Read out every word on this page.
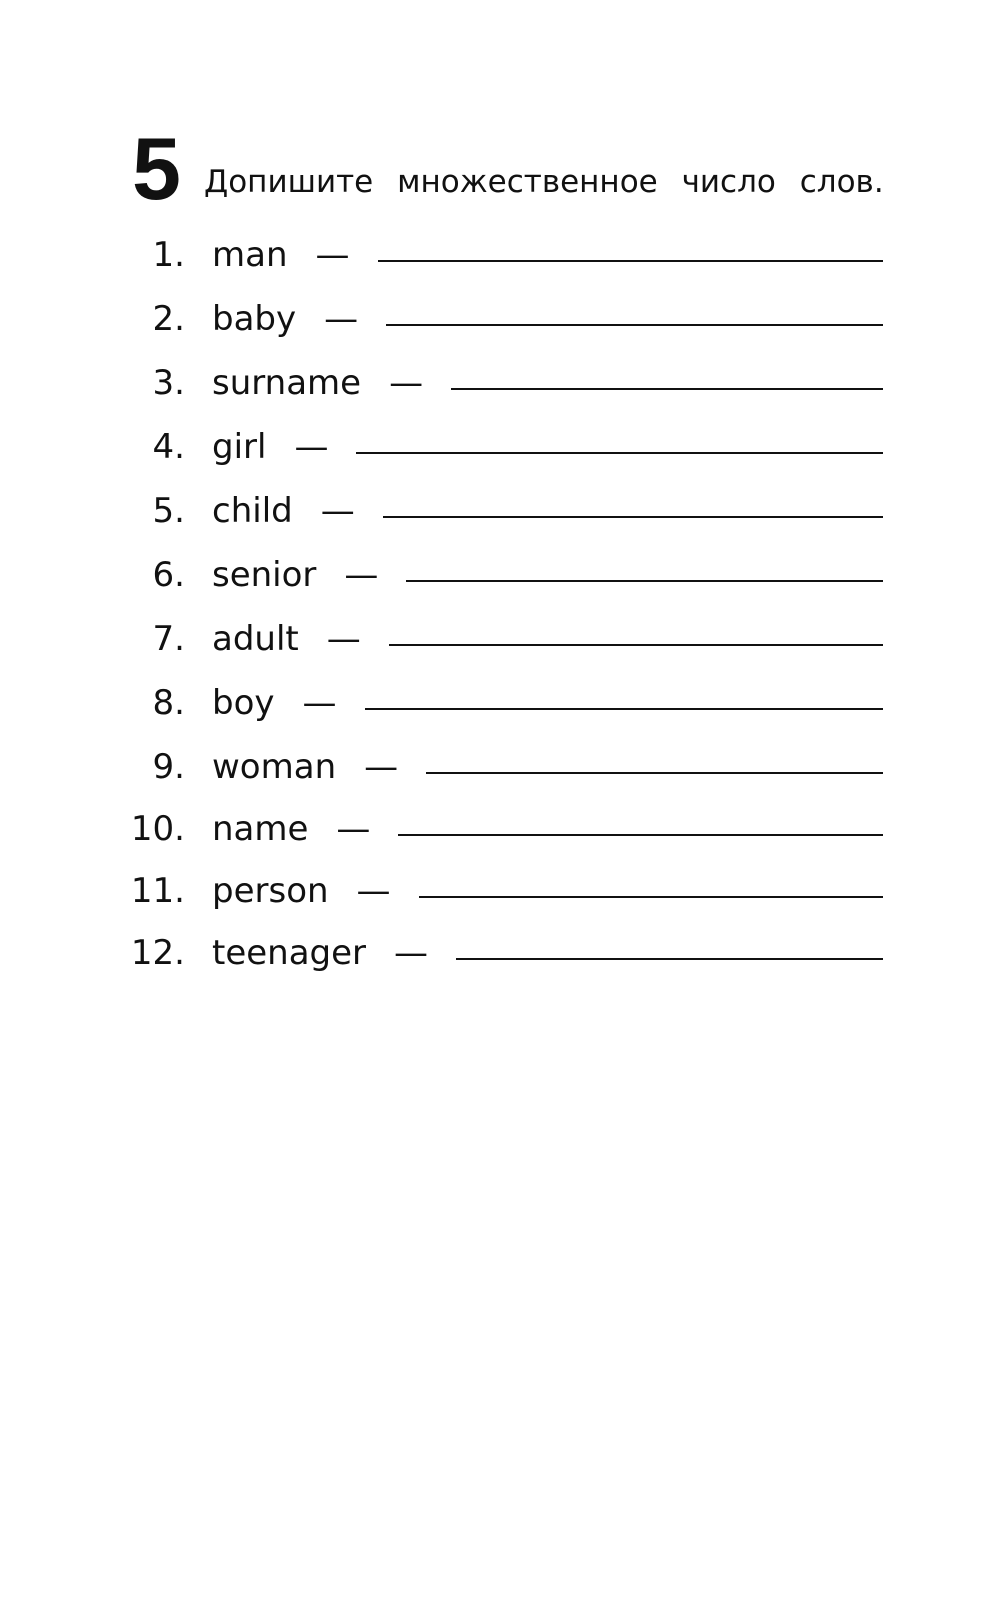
5 Допишите множественное число слов.
1. man —
2. baby —
3. surname —
4. girl —
5. child —
6. senior —
7. adult —
8. boy —
9. woman —
10. name —
11. person —
12. teenager —
